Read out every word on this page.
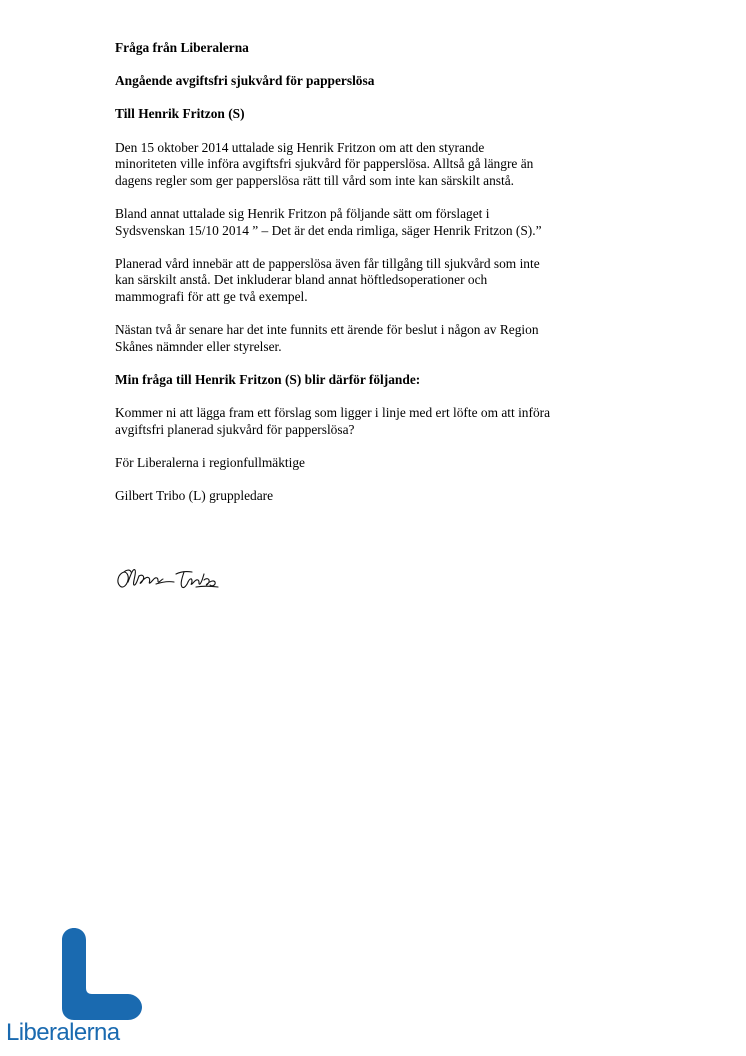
Fråga från Liberalerna

Angående avgiftsfri sjukvård för papperslösa

Till Henrik Fritzon (S)

Den 15 oktober 2014 uttalade sig Henrik Fritzon om att den styrande
minoriteten ville införa avgiftsfri sjukvård för papperslösa. Alltså gå längre än
dagens regler som ger papperslösa rätt till vård som inte kan särskilt anstå.

Bland annat uttalade sig Henrik Fritzon på följande sätt om förslaget i
Sydsvenskan 15/10 2014 ” – Det är det enda rimliga, säger Henrik Fritzon (S).”

Planerad vård innebär att de papperslösa även får tillgång till sjukvård som inte
kan särskilt anstå. Det inkluderar bland annat höftledsoperationer och
mammografi för att ge två exempel.

Nästan två år senare har det inte funnits ett ärende för beslut i någon av Region
Skånes nämnder eller styrelser.

Min fråga till Henrik Fritzon (S) blir därför följande:

Kommer ni att lägga fram ett förslag som ligger i linje med ert löfte om att införa
avgiftsfri planerad sjukvård för papperslösa?

För Liberalerna i regionfullmäktige

Gilbert Tribo (L) gruppledare

Liberalerna
